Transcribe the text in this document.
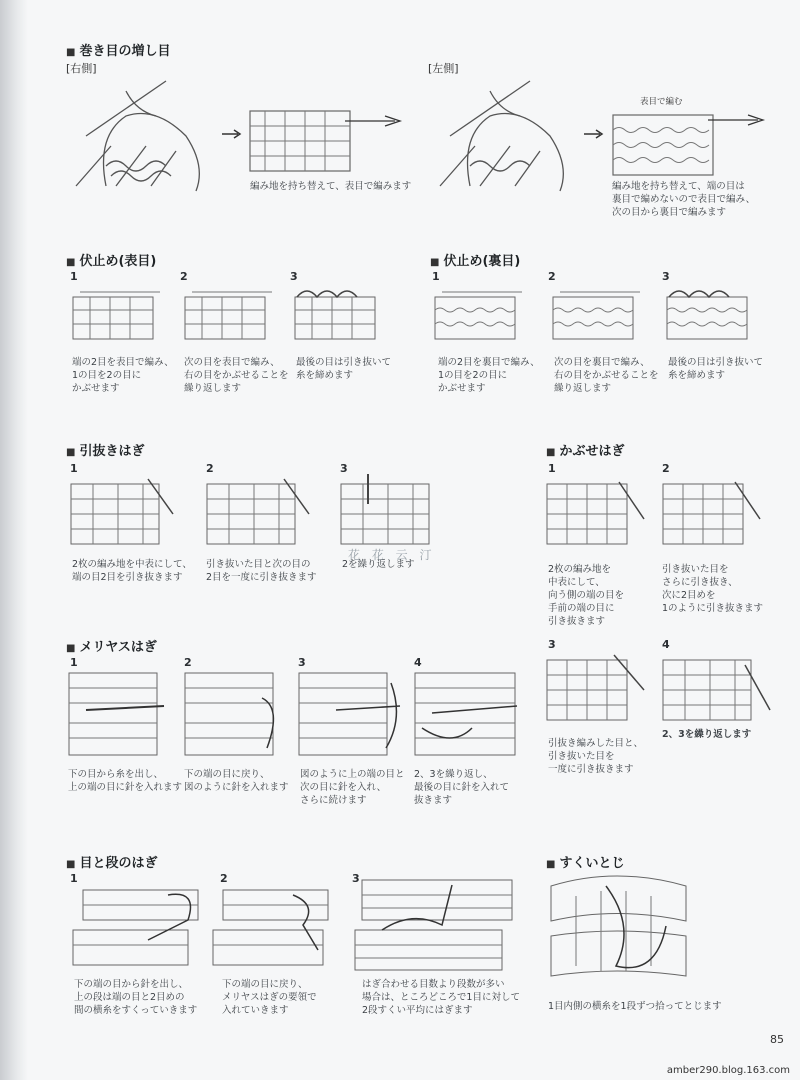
■ 巻き目の増し目
[右側]	[左側]
編み地を持ち替えて、表目で編みます
表目で編む
編み地を持ち替えて、端の目は
裏目で編めないので表目で編み、
次の目から裏目で編みます
■ 伏止め(表目)
1	2	3
端の2目を表目で編み、
1の目を2の目に
かぶせます
次の目を表目で編み、
右の目をかぶせることを
繰り返します
最後の目は引き抜いて
糸を締めます
■ 伏止め(裏目)
1	2	3
端の2目を裏目で編み、
1の目を2の目に
かぶせます
次の目を裏目で編み、
右の目をかぶせることを
繰り返します
最後の目は引き抜いて
糸を締めます
■ 引抜きはぎ
1	2	3
花 花 云 汀
2枚の編み地を中表にして、
端の目2目を引き抜きます
引き抜いた目と次の目の
2目を一度に引き抜きます
2を繰り返します
■ かぶせはぎ
1	2
2枚の編み地を
中表にして、
向う側の端の目を
手前の端の目に
引き抜きます
引き抜いた目を
さらに引き抜き、
次に2目めを
1のように引き抜きます
3	4
引抜き編みした目と、
引き抜いた目を
一度に引き抜きます
2、3を繰り返します
■ メリヤスはぎ
1	2	3	4
下の目から糸を出し、
上の端の目に針を入れます
下の端の目に戻り、
図のように針を入れます
図のように上の端の目と
次の目に針を入れ、
さらに続けます
2、3を繰り返し、
最後の目に針を入れて
抜きます
■ 目と段のはぎ
1	2	3
下の端の目から針を出し、
上の段は端の目と2目めの
間の横糸をすくっていきます
下の端の目に戻り、
メリヤスはぎの要領で
入れていきます
はぎ合わせる目数より段数が多い
場合は、ところどころで1目に対して
2段すくい平均にはぎます
■ すくいとじ
1目内側の横糸を1段ずつ拾ってとじます
85
amber290.blog.163.com
